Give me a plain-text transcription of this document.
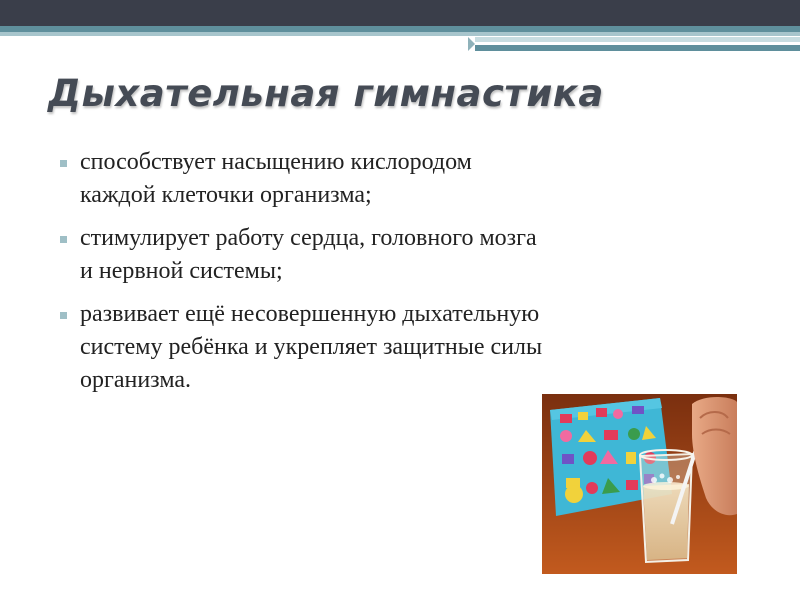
Дыхательная гимнастика
способствует насыщению кислородом
каждой клеточки организма;
стимулирует работу сердца, головного мозга
и нервной системы;
развивает ещё несовершенную дыхательную
систему ребёнка и укрепляет защитные силы
организма.
